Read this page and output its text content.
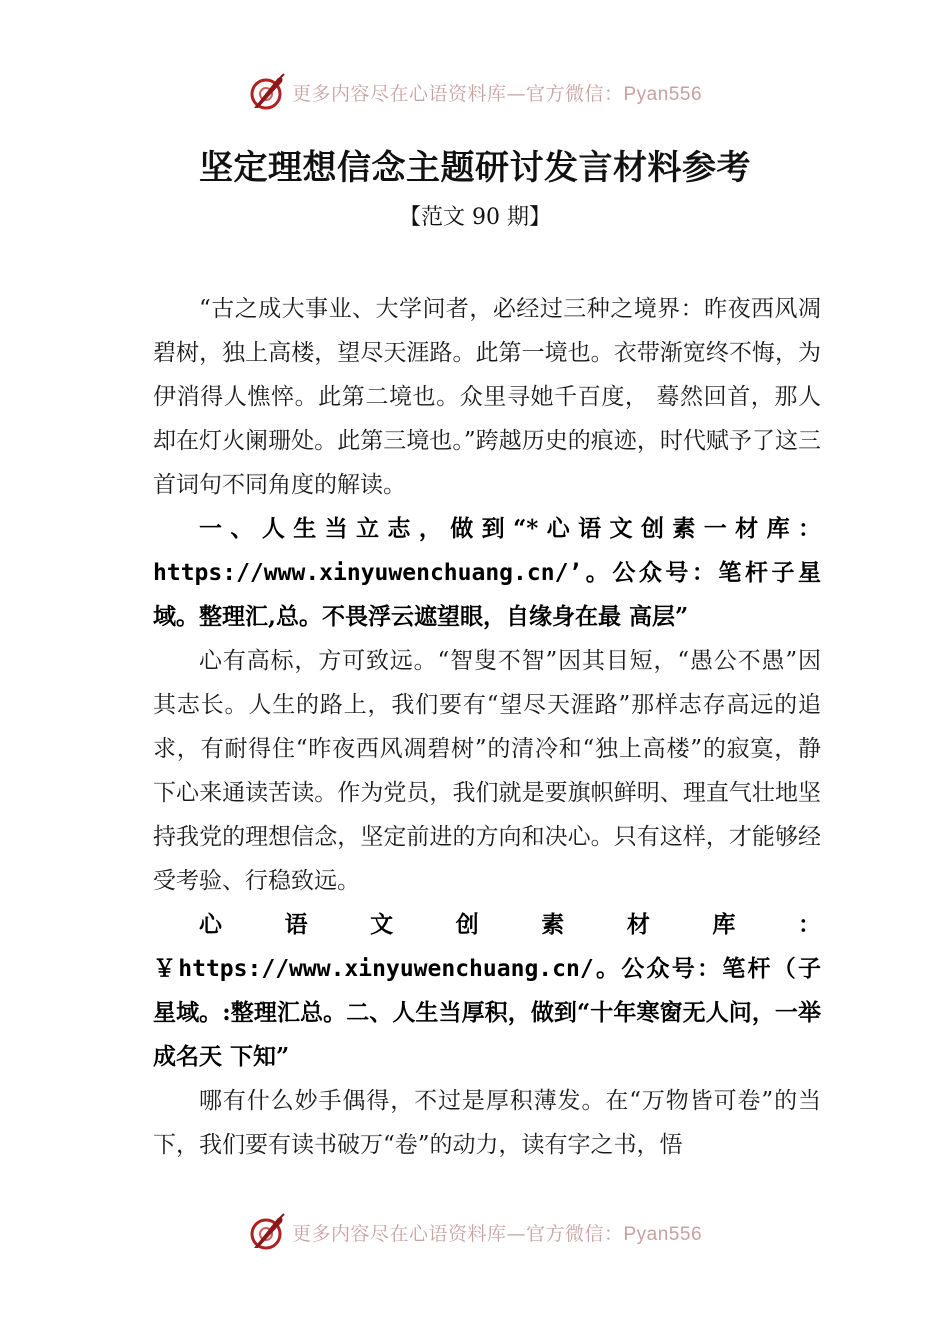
更多内容尽在心语资料库—官方微信：Pyan556
坚定理想信念主题研讨发言材料参考
【范文 90 期】

“古之成大事业、大学问者，必经过三种之境界：昨夜西风凋碧树，独上高楼，望尽天涯路。此第一境也。衣带渐宽终不悔，为伊消得人憔悴。此第二境也。众里寻她千百度， 蓦然回首，那人却在灯火阑珊处。此第三境也。”跨越历史的痕迹，时代赋予了这三首词句不同角度的解读。

一、人生当立志，做到“*心语文创素一材库：https://www.xinyuwenchuang.cn/’。公众号：笔杆子星域。整理汇,总。不畏浮云遮望眼，自缘身在最 高层”

心有高标，方可致远。“智叟不智”因其目短，“愚公不愚”因其志长。人生的路上，我们要有“望尽天涯路”那样志存高远的追求，有耐得住“昨夜西风凋碧树”的清冷和“独上高楼”的寂寞，静下心来通读苦读。作为党员，我们就是要旗帜鲜明、理直气壮地坚持我党的理想信念，坚定前进的方向和决心。只有这样，才能够经受考验、行稳致远。

心语文创素材库：￥https://www.xinyuwenchuang.cn/。公众号：笔杆（子星域。:整理汇总。二、人生当厚积，做到“十年寒窗无人问，一举成名天 下知”

哪有什么妙手偶得，不过是厚积薄发。在“万物皆可卷”的当下，我们要有读书破万“卷”的动力，读有字之书，悟

更多内容尽在心语资料库—官方微信：Pyan556
